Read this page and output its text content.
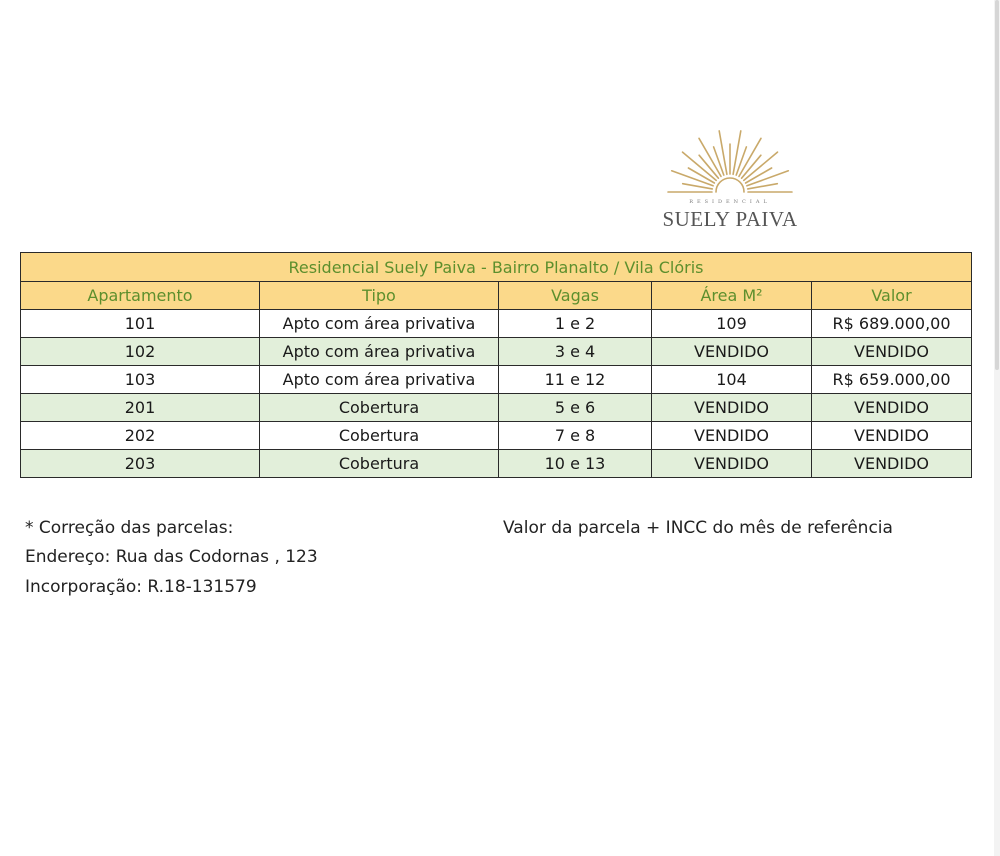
RESIDENCIAL
SUELY PAIVA
Residencial Suely Paiva - Bairro Planalto / Vila Clóris				
Apartamento	Tipo	Vagas	Área M²	Valor
101	Apto com área privativa	1 e 2	109	R$ 689.000,00
102	Apto com área privativa	3 e 4	VENDIDO	VENDIDO
103	Apto com área privativa	11 e 12	104	R$ 659.000,00
201	Cobertura	5 e 6	VENDIDO	VENDIDO
202	Cobertura	7 e 8	VENDIDO	VENDIDO
203	Cobertura	10 e 13	VENDIDO	VENDIDO
* Correção das parcelas:	Valor da parcela + INCC do mês de referência
Endereço: Rua das Codornas , 123
Incorporação: R.18-131579
